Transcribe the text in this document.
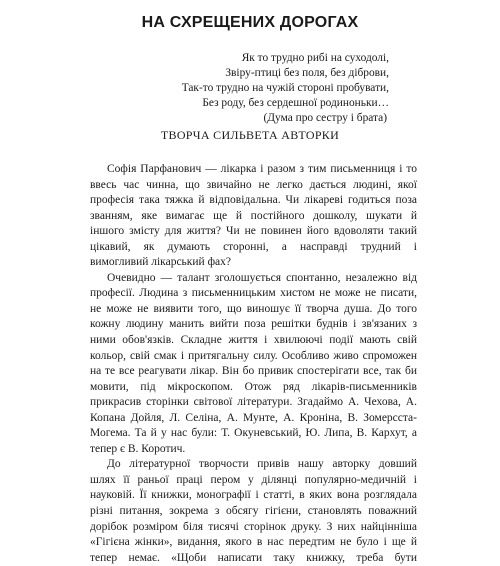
НА СХРЕЩЕНИХ ДОРОГАХ
Як то трудно рибі на суходолі,
Звіру-птиці без поля, без діброви,
Так-то трудно на чужій стороні пробувати,
Без роду, без сердешної родиноньки…
(Дума про сестру і брата)
ТВОРЧА СИЛЬВЕТА АВТОРКИ
Софія Парфанович — лікарка і разом з тим письменниця і то
ввесь час чинна, що звичайно не легко дається людині, якої
професія така тяжка й відповідальна. Чи лікареві годиться поза
званням, яке вимагає ще й постійного дошколу, шукати й
іншого змісту для життя? Чи не повинен його вдоволяти такий
цікавий, як думають сторонні, а насправді трудний і
вимогливий лікарський фах?
Очевидно — талант зголошується спонтанно, незалежно від
професії. Людина з письменницьким хистом не може не писати,
не може не виявити того, що виношує її творча душа. До того
кожну людину манить вийти поза решітки буднів і зв'язаних з
ними обов'язків. Складне життя і хвилюючі події мають свій
кольор, свій смак і притягальну силу. Особливо живо спроможен
на те все реагувати лікар. Він бо привик спостерігати все, так би
мовити, під мікроскопом. Отож ряд лікарів-письменників
прикрасив сторінки світової літератури. Згадаймо А. Чехова, А.
Копана Дойля, Л. Селіна, А. Мунте, А. Кроніна, В. Зомерсста-
Могема. Та й у нас були: Т. Окуневський, Ю. Липа, В. Кархут, а
тепер є В. Коротич.
До літературної творчости привів нашу авторку довший
шлях її раньої праці пером у ділянці популярно-медичній і
науковій. Її книжки, монографії і статті, в яких вона розглядала
різні питання, зокрема з обсягу гігієни, становлять поважний
дорібок розміром біля тисячі сторінок друку. З них найцінніша
«Гігієна жінки», видання, якого в нас передтим не було і ще й
тепер немає. «Щоби написати таку книжку, треба бути
